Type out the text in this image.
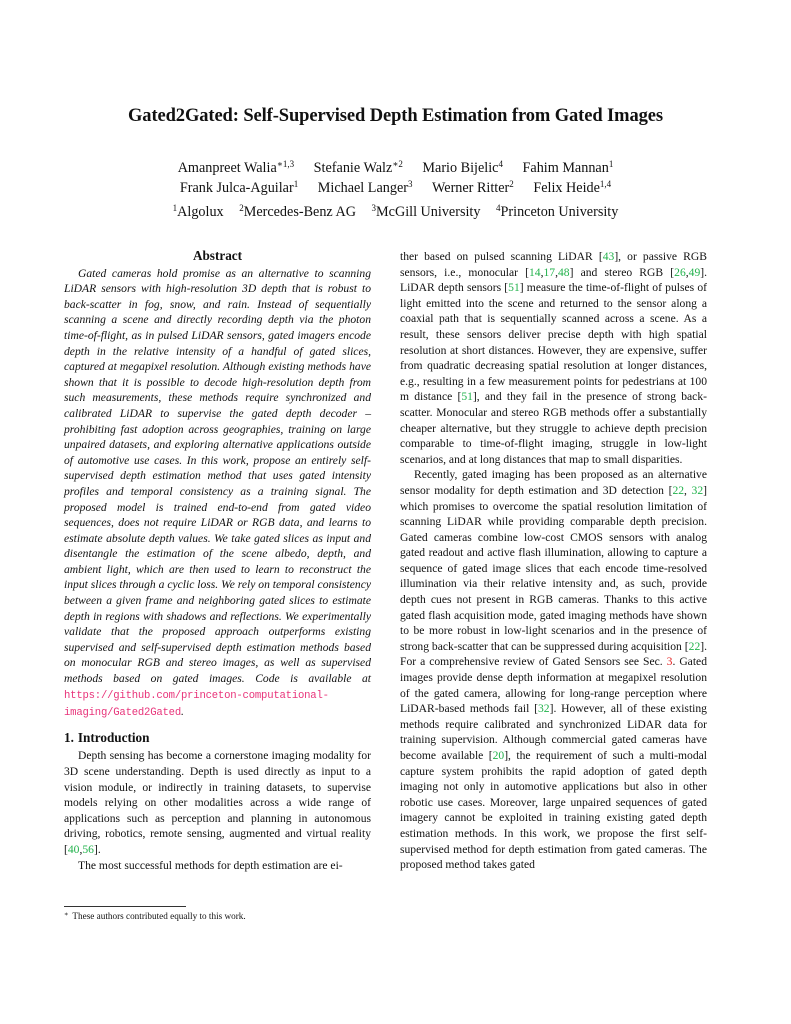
Gated2Gated: Self-Supervised Depth Estimation from Gated Images
Amanpreet Walia$^{∗1,3}$ Stefanie Walz$^{∗2}$ Mario Bijelic$^4$ Fahim Mannan$^1$
Frank Julca-Aguilar$^1$ Michael Langer$^3$ Werner Ritter$^2$ Felix Heide$^{1,4}$
$^1$Algolux $^2$Mercedes-Benz AG $^3$McGill University $^4$Princeton University
Abstract

Gated cameras hold promise as an alternative to scanning LiDAR sensors with high-resolution 3D depth that is robust to back-scatter in fog, snow, and rain. Instead of sequentially scanning a scene and directly recording depth via the photon time-of-flight, as in pulsed LiDAR sensors, gated imagers encode depth in the relative intensity of a handful of gated slices, captured at megapixel resolution. Although existing methods have shown that it is possible to decode high-resolution depth from such measurements, these methods require synchronized and calibrated LiDAR to supervise the gated depth decoder – prohibiting fast adoption across geographies, training on large unpaired datasets, and exploring alternative applications outside of automotive use cases. In this work, propose an entirely self-supervised depth estimation method that uses gated intensity profiles and temporal consistency as a training signal. The proposed model is trained end-to-end from gated video sequences, does not require LiDAR or RGB data, and learns to estimate absolute depth values. We take gated slices as input and disentangle the estimation of the scene albedo, depth, and ambient light, which are then used to learn to reconstruct the input slices through a cyclic loss. We rely on temporal consistency between a given frame and neighboring gated slices to estimate depth in regions with shadows and reflections. We experimentally validate that the proposed approach outperforms existing supervised and self-supervised depth estimation methods based on monocular RGB and stereo images, as well as supervised methods based on gated images. Code is available at https://github.com/princeton-computational-imaging/Gated2Gated.

1. Introduction

Depth sensing has become a cornerstone imaging modality for 3D scene understanding. Depth is used directly as input to a vision module, or indirectly in training datasets, to supervise models relying on other modalities across a wide range of applications such as perception and planning in autonomous driving, robotics, remote sensing, augmented and virtual reality [40,56].

The most successful methods for depth estimation are ei-

ther based on pulsed scanning LiDAR [43], or passive RGB sensors, i.e., monocular [14,17,48] and stereo RGB [26,49]. LiDAR depth sensors [51] measure the time-of-flight of pulses of light emitted into the scene and returned to the sensor along a coaxial path that is sequentially scanned across a scene. As a result, these sensors deliver precise depth with high spatial resolution at short distances. However, they are expensive, suffer from quadratic decreasing spatial resolution at longer distances, e.g., resulting in a few measurement points for pedestrians at 100 m distance [51], and they fail in the presence of strong back-scatter. Monocular and stereo RGB methods offer a substantially cheaper alternative, but they struggle to achieve depth precision comparable to time-of-flight imaging, struggle in low-light scenarios, and at long distances that map to small disparities.

Recently, gated imaging has been proposed as an alternative sensor modality for depth estimation and 3D detection [22, 32] which promises to overcome the spatial resolution limitation of scanning LiDAR while providing comparable depth precision. Gated cameras combine low-cost CMOS sensors with analog gated readout and active flash illumination, allowing to capture a sequence of gated image slices that each encode time-resolved illumination via their relative intensity and, as such, provide depth cues not present in RGB cameras. Thanks to this active gated flash acquisition mode, gated imaging methods have shown to be more robust in low-light scenarios and in the presence of strong back-scatter that can be suppressed during acquisition [22]. For a comprehensive review of Gated Sensors see Sec. 3. Gated images provide dense depth information at megapixel resolution of the gated camera, allowing for long-range perception where LiDAR-based methods fail [32]. However, all of these existing methods require calibrated and synchronized LiDAR data for training supervision. Although commercial gated cameras have become available [20], the requirement of such a multi-modal capture system prohibits the rapid adoption of gated depth imaging not only in automotive applications but also in other robotic use cases. Moreover, large unpaired sequences of gated imagery cannot be exploited in training existing gated depth estimation methods. In this work, we propose the first self-supervised method for depth estimation from gated cameras. The proposed method takes gated

∗ These authors contributed equally to this work.
